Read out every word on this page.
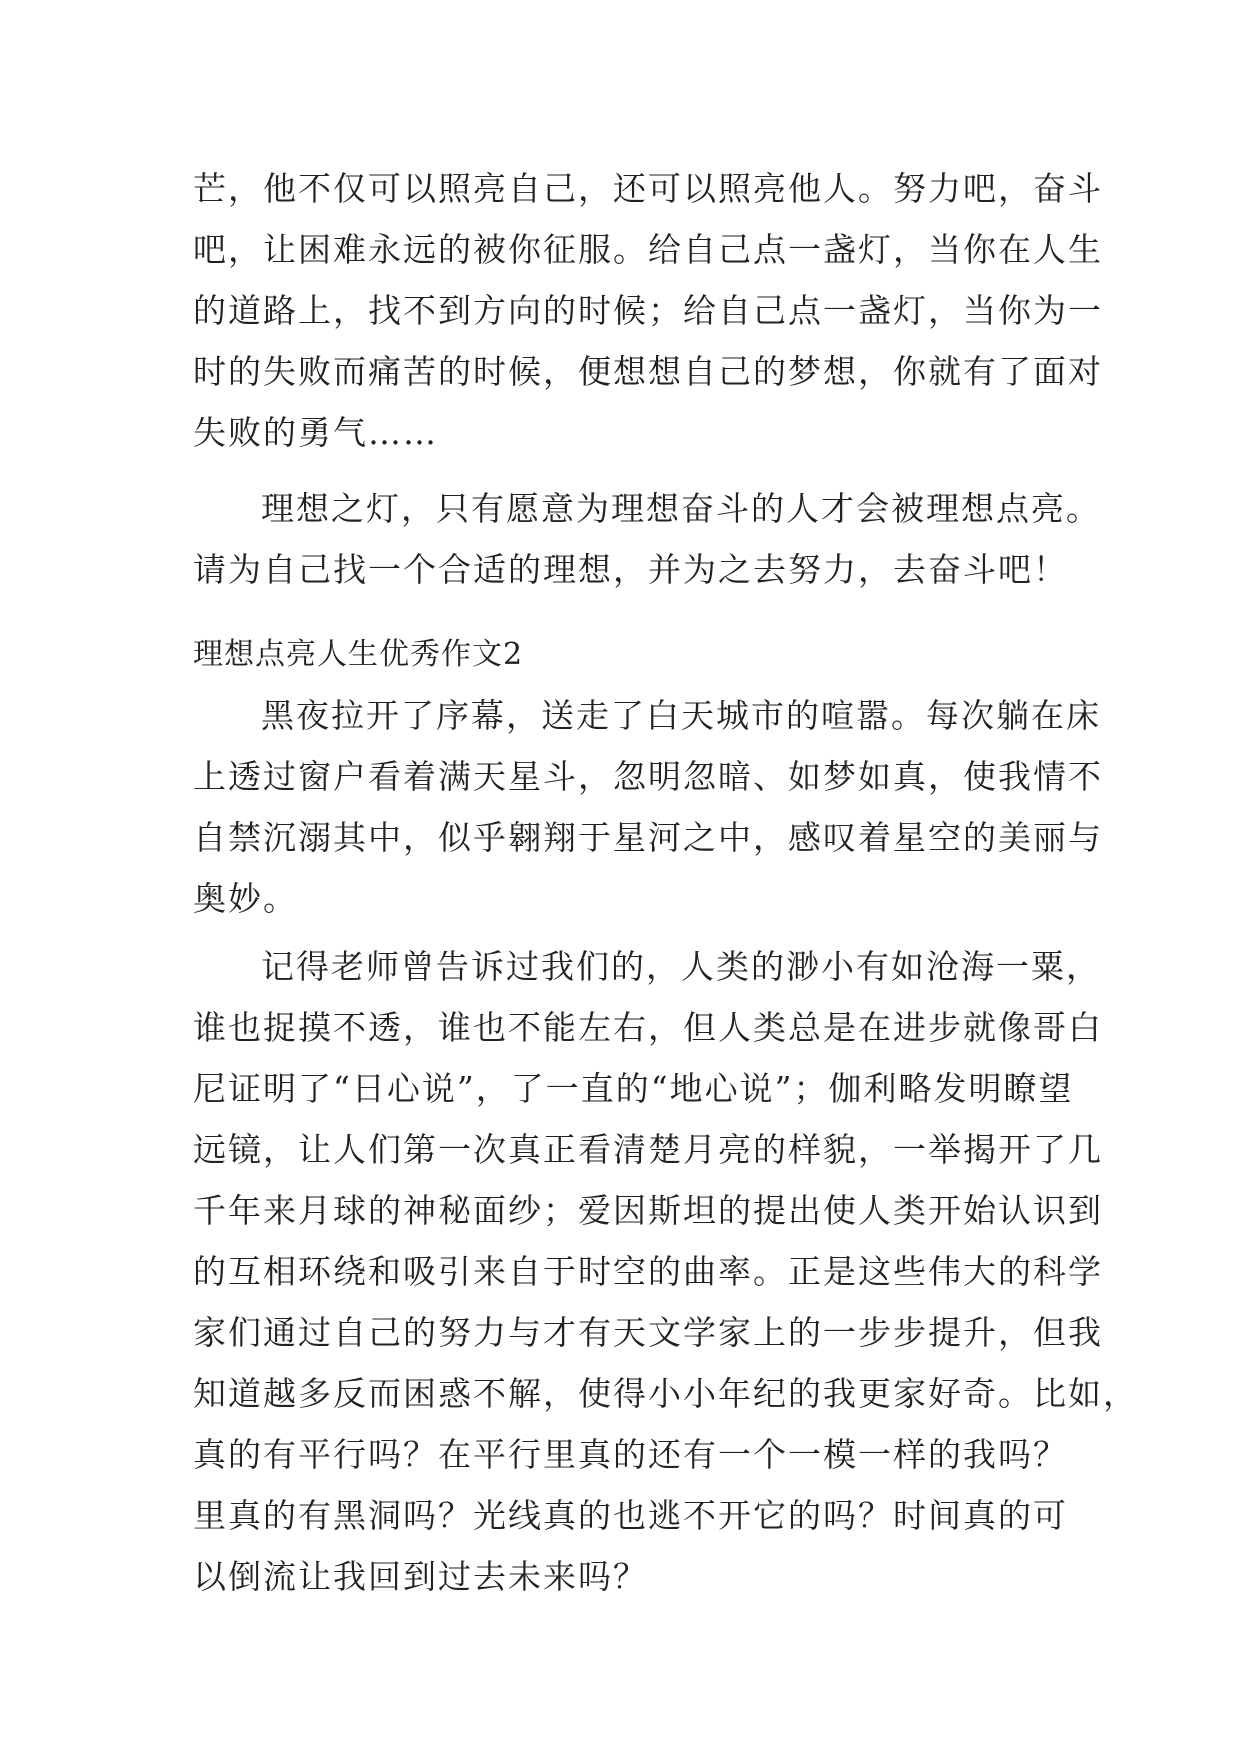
芒，他不仅可以照亮自己，还可以照亮他人。努力吧，奋斗
吧，让困难永远的被你征服。给自己点一盏灯，当你在人生
的道路上，找不到方向的时候；给自己点一盏灯，当你为一
时的失败而痛苦的时候，便想想自己的梦想，你就有了面对
失败的勇气……
理想之灯，只有愿意为理想奋斗的人才会被理想点亮。
请为自己找一个合适的理想，并为之去努力，去奋斗吧！
理想点亮人生优秀作文2
黑夜拉开了序幕，送走了白天城市的喧嚣。每次躺在床
上透过窗户看着满天星斗，忽明忽暗、如梦如真，使我情不
自禁沉溺其中，似乎翱翔于星河之中，感叹着星空的美丽与
奥妙。
记得老师曾告诉过我们的，人类的渺小有如沧海一粟，
谁也捉摸不透，谁也不能左右，但人类总是在进步就像哥白
尼证明了“日心说”，了一直的“地心说”；伽利略发明瞭望
远镜，让人们第一次真正看清楚月亮的样貌，一举揭开了几
千年来月球的神秘面纱；爱因斯坦的提出使人类开始认识到
的互相环绕和吸引来自于时空的曲率。正是这些伟大的科学
家们通过自己的努力与才有天文学家上的一步步提升，但我
知道越多反而困惑不解，使得小小年纪的我更家好奇。比如，
真的有平行吗？在平行里真的还有一个一模一样的我吗？
里真的有黑洞吗？光线真的也逃不开它的吗？时间真的可
以倒流让我回到过去未来吗？
